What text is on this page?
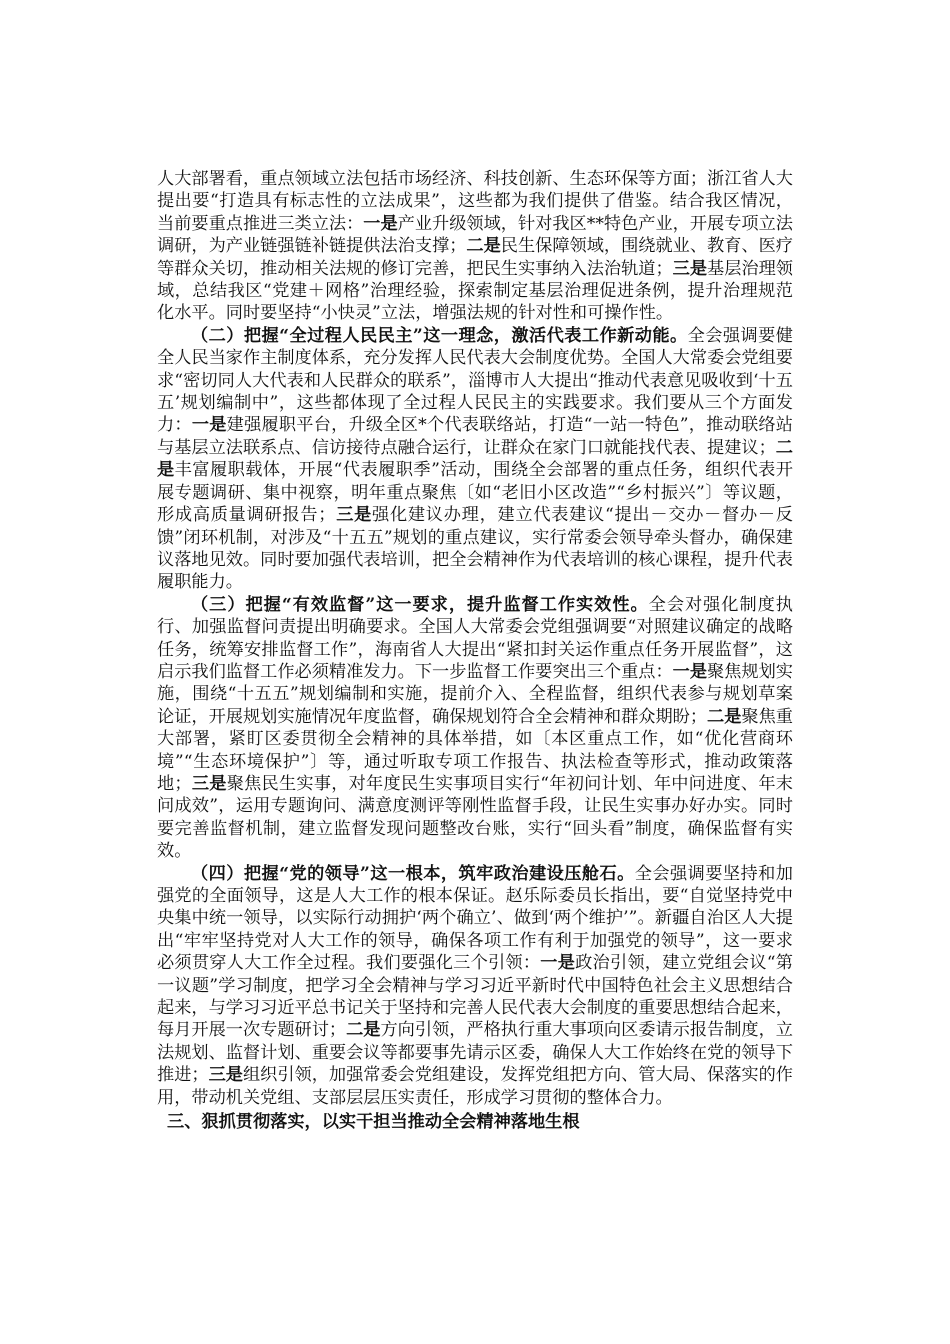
人大部署看，重点领域立法包括市场经济、科技创新、生态环保等方面；浙江省人大提出要“打造具有标志性的立法成果”，这些都为我们提供了借鉴。结合我区情况，当前要重点推进三类立法：一是产业升级领域，针对我区**特色产业，开展专项立法调研，为产业链强链补链提供法治支撑；二是民生保障领域，围绕就业、教育、医疗等群众关切，推动相关法规的修订完善，把民生实事纳入法治轨道；三是基层治理领域，总结我区“党建＋网格”治理经验，探索制定基层治理促进条例，提升治理规范化水平。同时要坚持“小快灵”立法，增强法规的针对性和可操作性。

（二）把握“全过程人民民主”这一理念，激活代表工作新动能。全会强调要健全人民当家作主制度体系，充分发挥人民代表大会制度优势。全国人大常委会党组要求“密切同人大代表和人民群众的联系”，淄博市人大提出“推动代表意见吸收到‘十五五’规划编制中”，这些都体现了全过程人民民主的实践要求。我们要从三个方面发力：一是建强履职平台，升级全区*个代表联络站，打造“一站一特色”，推动联络站与基层立法联系点、信访接待点融合运行，让群众在家门口就能找代表、提建议；二是丰富履职载体，开展“代表履职季”活动，围绕全会部署的重点任务，组织代表开展专题调研、集中视察，明年重点聚焦〔如“老旧小区改造”“乡村振兴”〕等议题，形成高质量调研报告；三是强化建议办理，建立代表建议“提出－交办－督办－反馈”闭环机制，对涉及“十五五”规划的重点建议，实行常委会领导牵头督办，确保建议落地见效。同时要加强代表培训，把全会精神作为代表培训的核心课程，提升代表履职能力。

（三）把握“有效监督”这一要求，提升监督工作实效性。全会对强化制度执行、加强监督问责提出明确要求。全国人大常委会党组强调要“对照建议确定的战略任务，统筹安排监督工作”，海南省人大提出“紧扣封关运作重点任务开展监督”，这启示我们监督工作必须精准发力。下一步监督工作要突出三个重点：一是聚焦规划实施，围绕“十五五”规划编制和实施，提前介入、全程监督，组织代表参与规划草案论证，开展规划实施情况年度监督，确保规划符合全会精神和群众期盼；二是聚焦重大部署，紧盯区委贯彻全会精神的具体举措，如〔本区重点工作，如“优化营商环境”“生态环境保护”〕等，通过听取专项工作报告、执法检查等形式，推动政策落地；三是聚焦民生实事，对年度民生实事项目实行“年初问计划、年中问进度、年末问成效”，运用专题询问、满意度测评等刚性监督手段，让民生实事办好办实。同时要完善监督机制，建立监督发现问题整改台账，实行“回头看”制度，确保监督有实效。

（四）把握“党的领导”这一根本，筑牢政治建设压舱石。全会强调要坚持和加强党的全面领导，这是人大工作的根本保证。赵乐际委员长指出，要“自觉坚持党中央集中统一领导，以实际行动拥护‘两个确立’、做到‘两个维护’”。新疆自治区人大提出“牢牢坚持党对人大工作的领导，确保各项工作有利于加强党的领导”，这一要求必须贯穿人大工作全过程。我们要强化三个引领：一是政治引领，建立党组会议“第一议题”学习制度，把学习全会精神与学习习近平新时代中国特色社会主义思想结合起来，与学习习近平总书记关于坚持和完善人民代表大会制度的重要思想结合起来，每月开展一次专题研讨；二是方向引领，严格执行重大事项向区委请示报告制度，立法规划、监督计划、重要会议等都要事先请示区委，确保人大工作始终在党的领导下推进；三是组织引领，加强常委会党组建设，发挥党组把方向、管大局、保落实的作用，带动机关党组、支部层层压实责任，形成学习贯彻的整体合力。

三、狠抓贯彻落实，以实干担当推动全会精神落地生根
